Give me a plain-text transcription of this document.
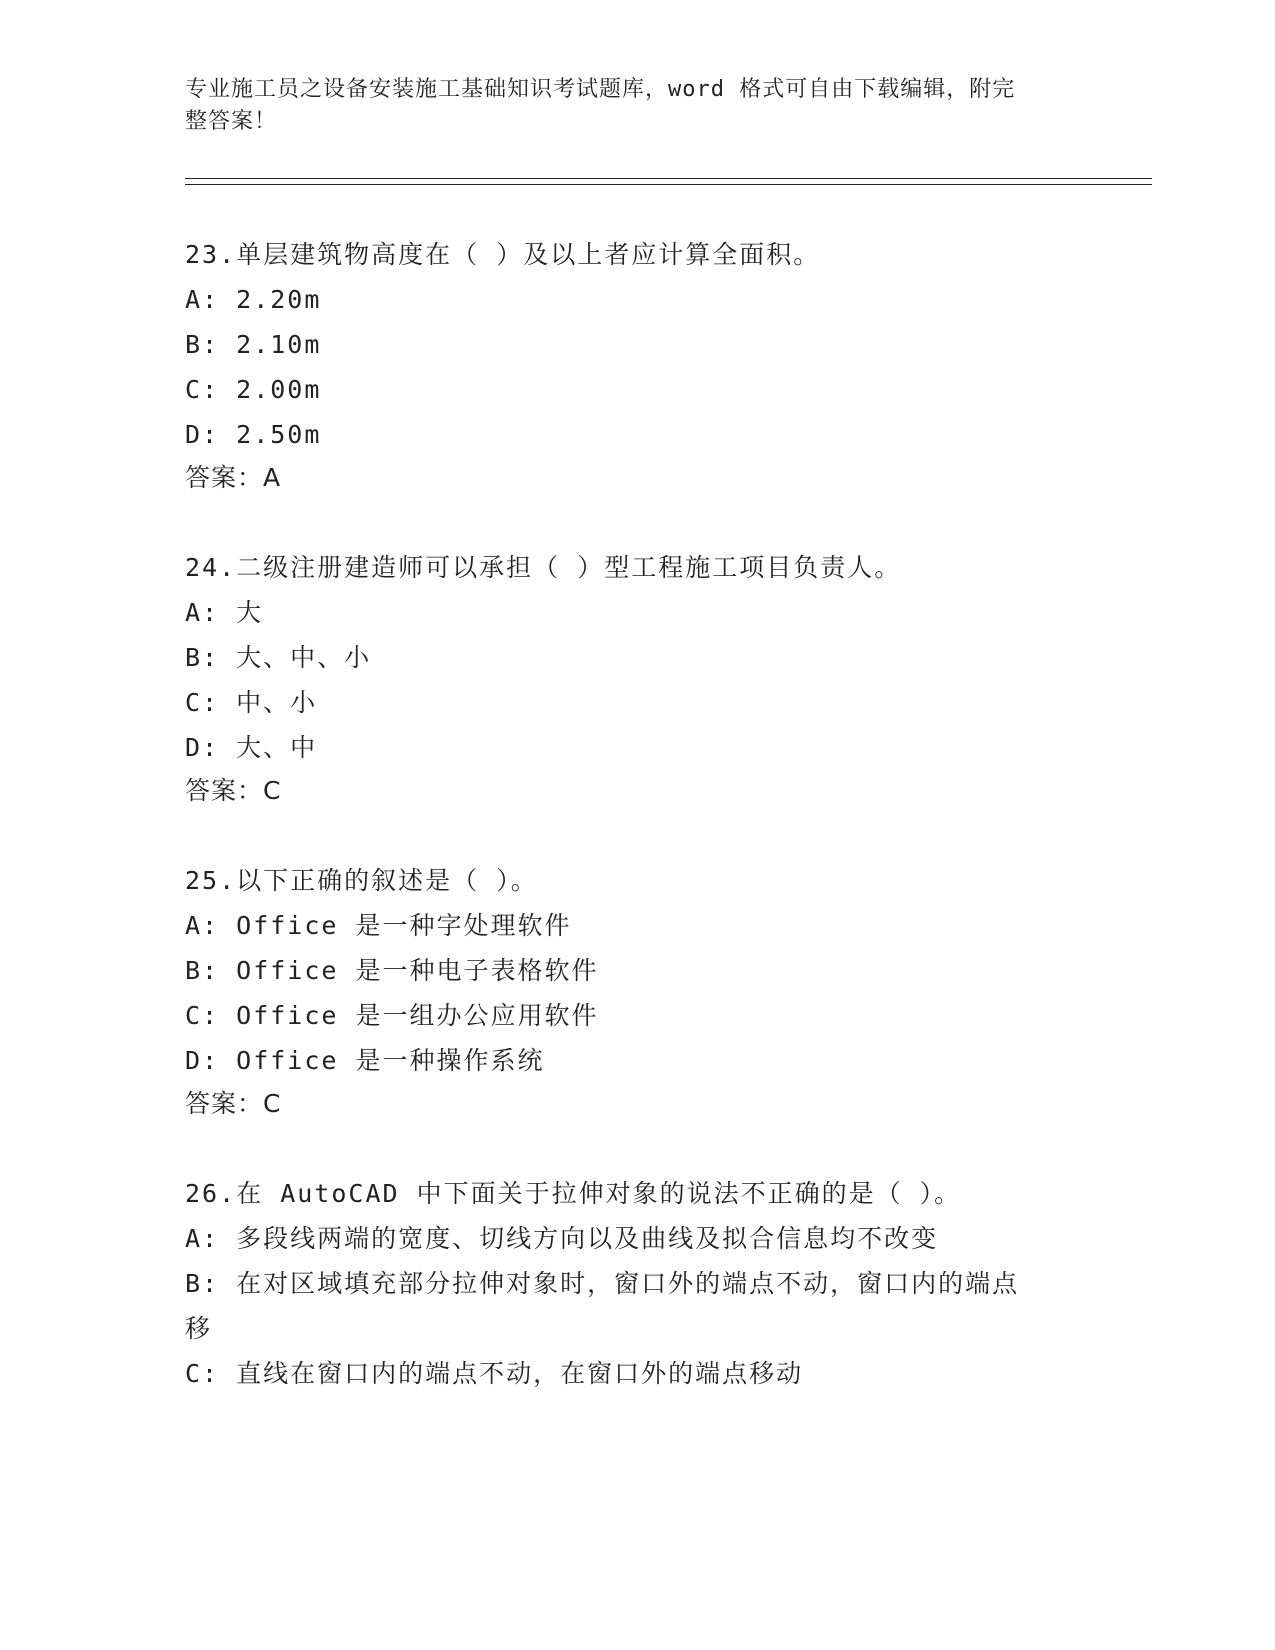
专业施工员之设备安装施工基础知识考试题库，word 格式可自由下载编辑，附完
整答案！
23.单层建筑物高度在（ ）及以上者应计算全面积。
A: 2.20m
B: 2.10m
C: 2.00m
D: 2.50m
答案：A
24.二级注册建造师可以承担（ ）型工程施工项目负责人。
A: 大
B: 大、中、小
C: 中、小
D: 大、中
答案：C
25.以下正确的叙述是（ ）。
A: Office 是一种字处理软件
B: Office 是一种电子表格软件
C: Office 是一组办公应用软件
D: Office 是一种操作系统
答案：C
26.在 AutoCAD 中下面关于拉伸对象的说法不正确的是（ ）。
A: 多段线两端的宽度、切线方向以及曲线及拟合信息均不改变
B: 在对区域填充部分拉伸对象时，窗口外的端点不动，窗口内的端点
移
C: 直线在窗口内的端点不动，在窗口外的端点移动
